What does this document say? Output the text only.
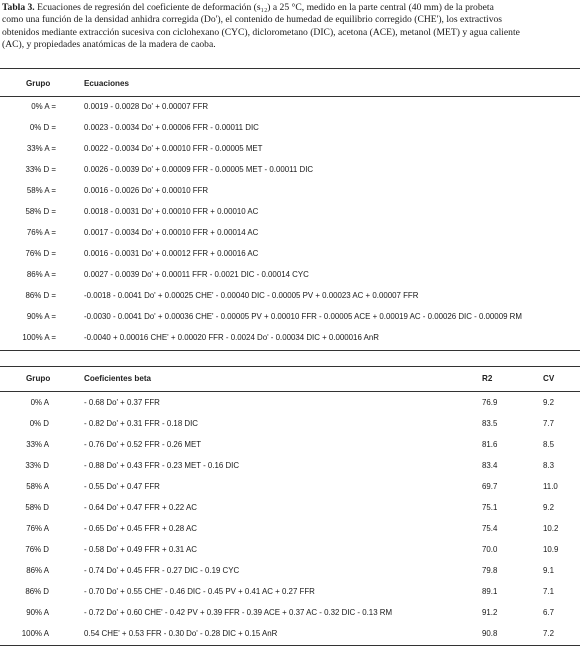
Tabla 3. Ecuaciones de regresión del coeficiente de deformación (s₁₂) a 25 °C, medido en la parte central (40 mm) de la probeta
como una función de la densidad anhidra corregida (Do'), el contenido de humedad de equilibrio corregido (CHE'), los extractivos
obtenidos mediante extracción sucesiva con ciclohexano (CYC), diclorometano (DIC), acetona (ACE), metanol (MET) y agua caliente
(AC), y propiedades anatómicas de la madera de caoba.
Grupo	Ecuaciones
0% A =	0.0019 - 0.0028 Do' + 0.00007 FFR
0% D =	0.0023 - 0.0034 Do' + 0.00006 FFR - 0.00011 DIC
33% A =	0.0022 - 0.0034 Do' + 0.00010 FFR - 0.00005 MET
33% D =	0.0026 - 0.0039 Do' + 0.00009 FFR - 0.00005 MET - 0.00011 DIC
58% A =	0.0016 - 0.0026 Do' + 0.00010 FFR
58% D =	0.0018 - 0.0031 Do' + 0.00010 FFR + 0.00010 AC
76% A =	0.0017 - 0.0034 Do' + 0.00010 FFR + 0.00014 AC
76% D =	0.0016 - 0.0031 Do' + 0.00012 FFR + 0.00016 AC
86% A =	0.0027 - 0.0039 Do' + 0.00011 FFR - 0.0021 DIC - 0.00014 CYC
86% D =	-0.0018 - 0.0041 Do' + 0.00025 CHE' - 0.00040 DIC - 0.00005 PV + 0.00023 AC + 0.00007 FFR
90% A =	-0.0030 - 0.0041 Do' + 0.00036 CHE' - 0.00005 PV + 0.00010 FFR - 0.00005 ACE + 0.00019 AC - 0.00026 DIC - 0.00009 RM
100% A =	-0.0040 + 0.00016 CHE' + 0.00020 FFR - 0.0024 Do' - 0.00034 DIC + 0.000016 AnR
Grupo	Coeficientes beta	R2	CV
0% A	- 0.68 Do' + 0.37 FFR	76.9	9.2
0% D	- 0.82 Do' + 0.31 FFR - 0.18 DIC	83.5	7.7
33% A	- 0.76 Do' + 0.52 FFR - 0.26 MET	81.6	8.5
33% D	- 0.88 Do' + 0.43 FFR - 0.23 MET - 0.16 DIC	83.4	8.3
58% A	- 0.55 Do' + 0.47 FFR	69.7	11.0
58% D	- 0.64 Do' + 0.47 FFR + 0.22 AC	75.1	9.2
76% A	- 0.65 Do' + 0.45 FFR + 0.28 AC	75.4	10.2
76% D	- 0.58 Do' + 0.49 FFR + 0.31 AC	70.0	10.9
86% A	- 0.74 Do' + 0.45 FFR - 0.27 DIC - 0.19 CYC	79.8	9.1
86% D	- 0.70 Do' + 0.55 CHE' - 0.46 DIC - 0.45 PV + 0.41 AC + 0.27 FFR	89.1	7.1
90% A	- 0.72 Do' + 0.60 CHE' - 0.42 PV + 0.39 FFR - 0.39 ACE + 0.37 AC - 0.32 DIC - 0.13 RM	91.2	6.7
100% A	0.54 CHE' + 0.53 FFR - 0.30 Do' - 0.28 DIC + 0.15 AnR	90.8	7.2
